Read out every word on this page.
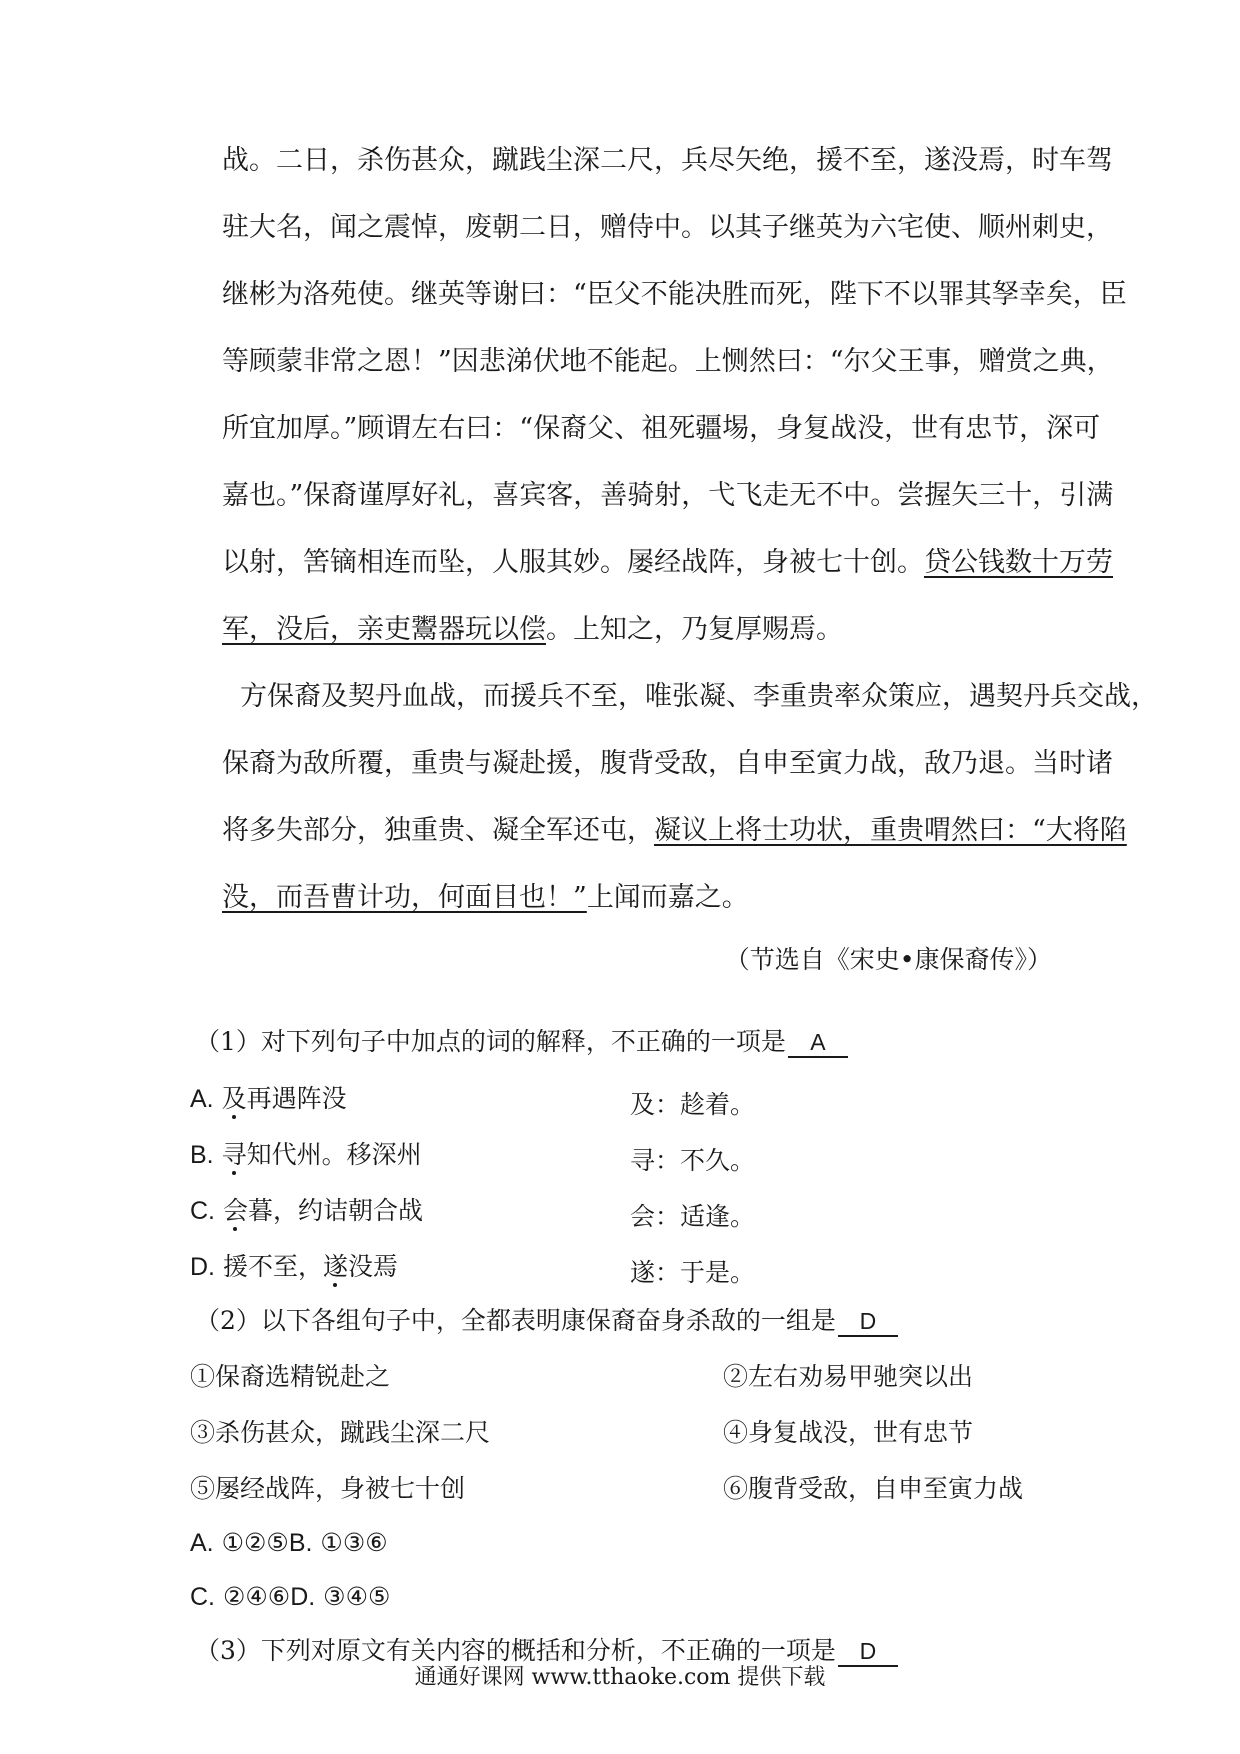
战。二日，杀伤甚众，蹴践尘深二尺，兵尽矢绝，援不至，遂没焉，时车驾
驻大名，闻之震悼，废朝二日，赠侍中。以其子继英为六宅使、顺州刺史，
继彬为洛苑使。继英等谢曰：“臣父不能决胜而死，陛下不以罪其孥幸矣，臣
等顾蒙非常之恩！”因悲涕伏地不能起。上恻然曰：“尔父王事，赠赏之典，
所宜加厚。”顾谓左右曰：“保裔父、祖死疆埸，身复战没，世有忠节，深可
嘉也。”保裔谨厚好礼，喜宾客，善骑射，弋飞走无不中。尝握矢三十，引满
以射，筈镝相连而坠，人服其妙。屡经战阵，身被七十创。贷公钱数十万劳
军，没后，亲吏鬻器玩以偿。上知之，乃复厚赐焉。
方保裔及契丹血战，而援兵不至，唯张凝、李重贵率众策应，遇契丹兵交战，
保裔为敌所覆，重贵与凝赴援，腹背受敌，自申至寅力战，敌乃退。当时诸
将多失部分，独重贵、凝全军还屯，凝议上将士功状，重贵喟然曰：“大将陷
没，而吾曹计功，何面目也！”上闻而嘉之。
（节选自《宋史•康保裔传》）
（1）对下列句子中加点的词的解释，不正确的一项是 A
A. 及再遇阵没	及：趁着。
B. 寻知代州。移深州	寻：不久。
C. 会暮，约诘朝合战	会：适逢。
D. 援不至，遂没焉	遂：于是。
（2）以下各组句子中，全都表明康保裔奋身杀敌的一组是 D
①保裔选精锐赴之	②左右劝易甲驰突以出
③杀伤甚众，蹴践尘深二尺	④身复战没，世有忠节
⑤屡经战阵，身被七十创	⑥腹背受敌，自申至寅力战
A. ①②⑤B. ①③⑥
C. ②④⑥D. ③④⑤
（3）下列对原文有关内容的概括和分析，不正确的一项是 D
通通好课网 www.tthaoke.com 提供下载
